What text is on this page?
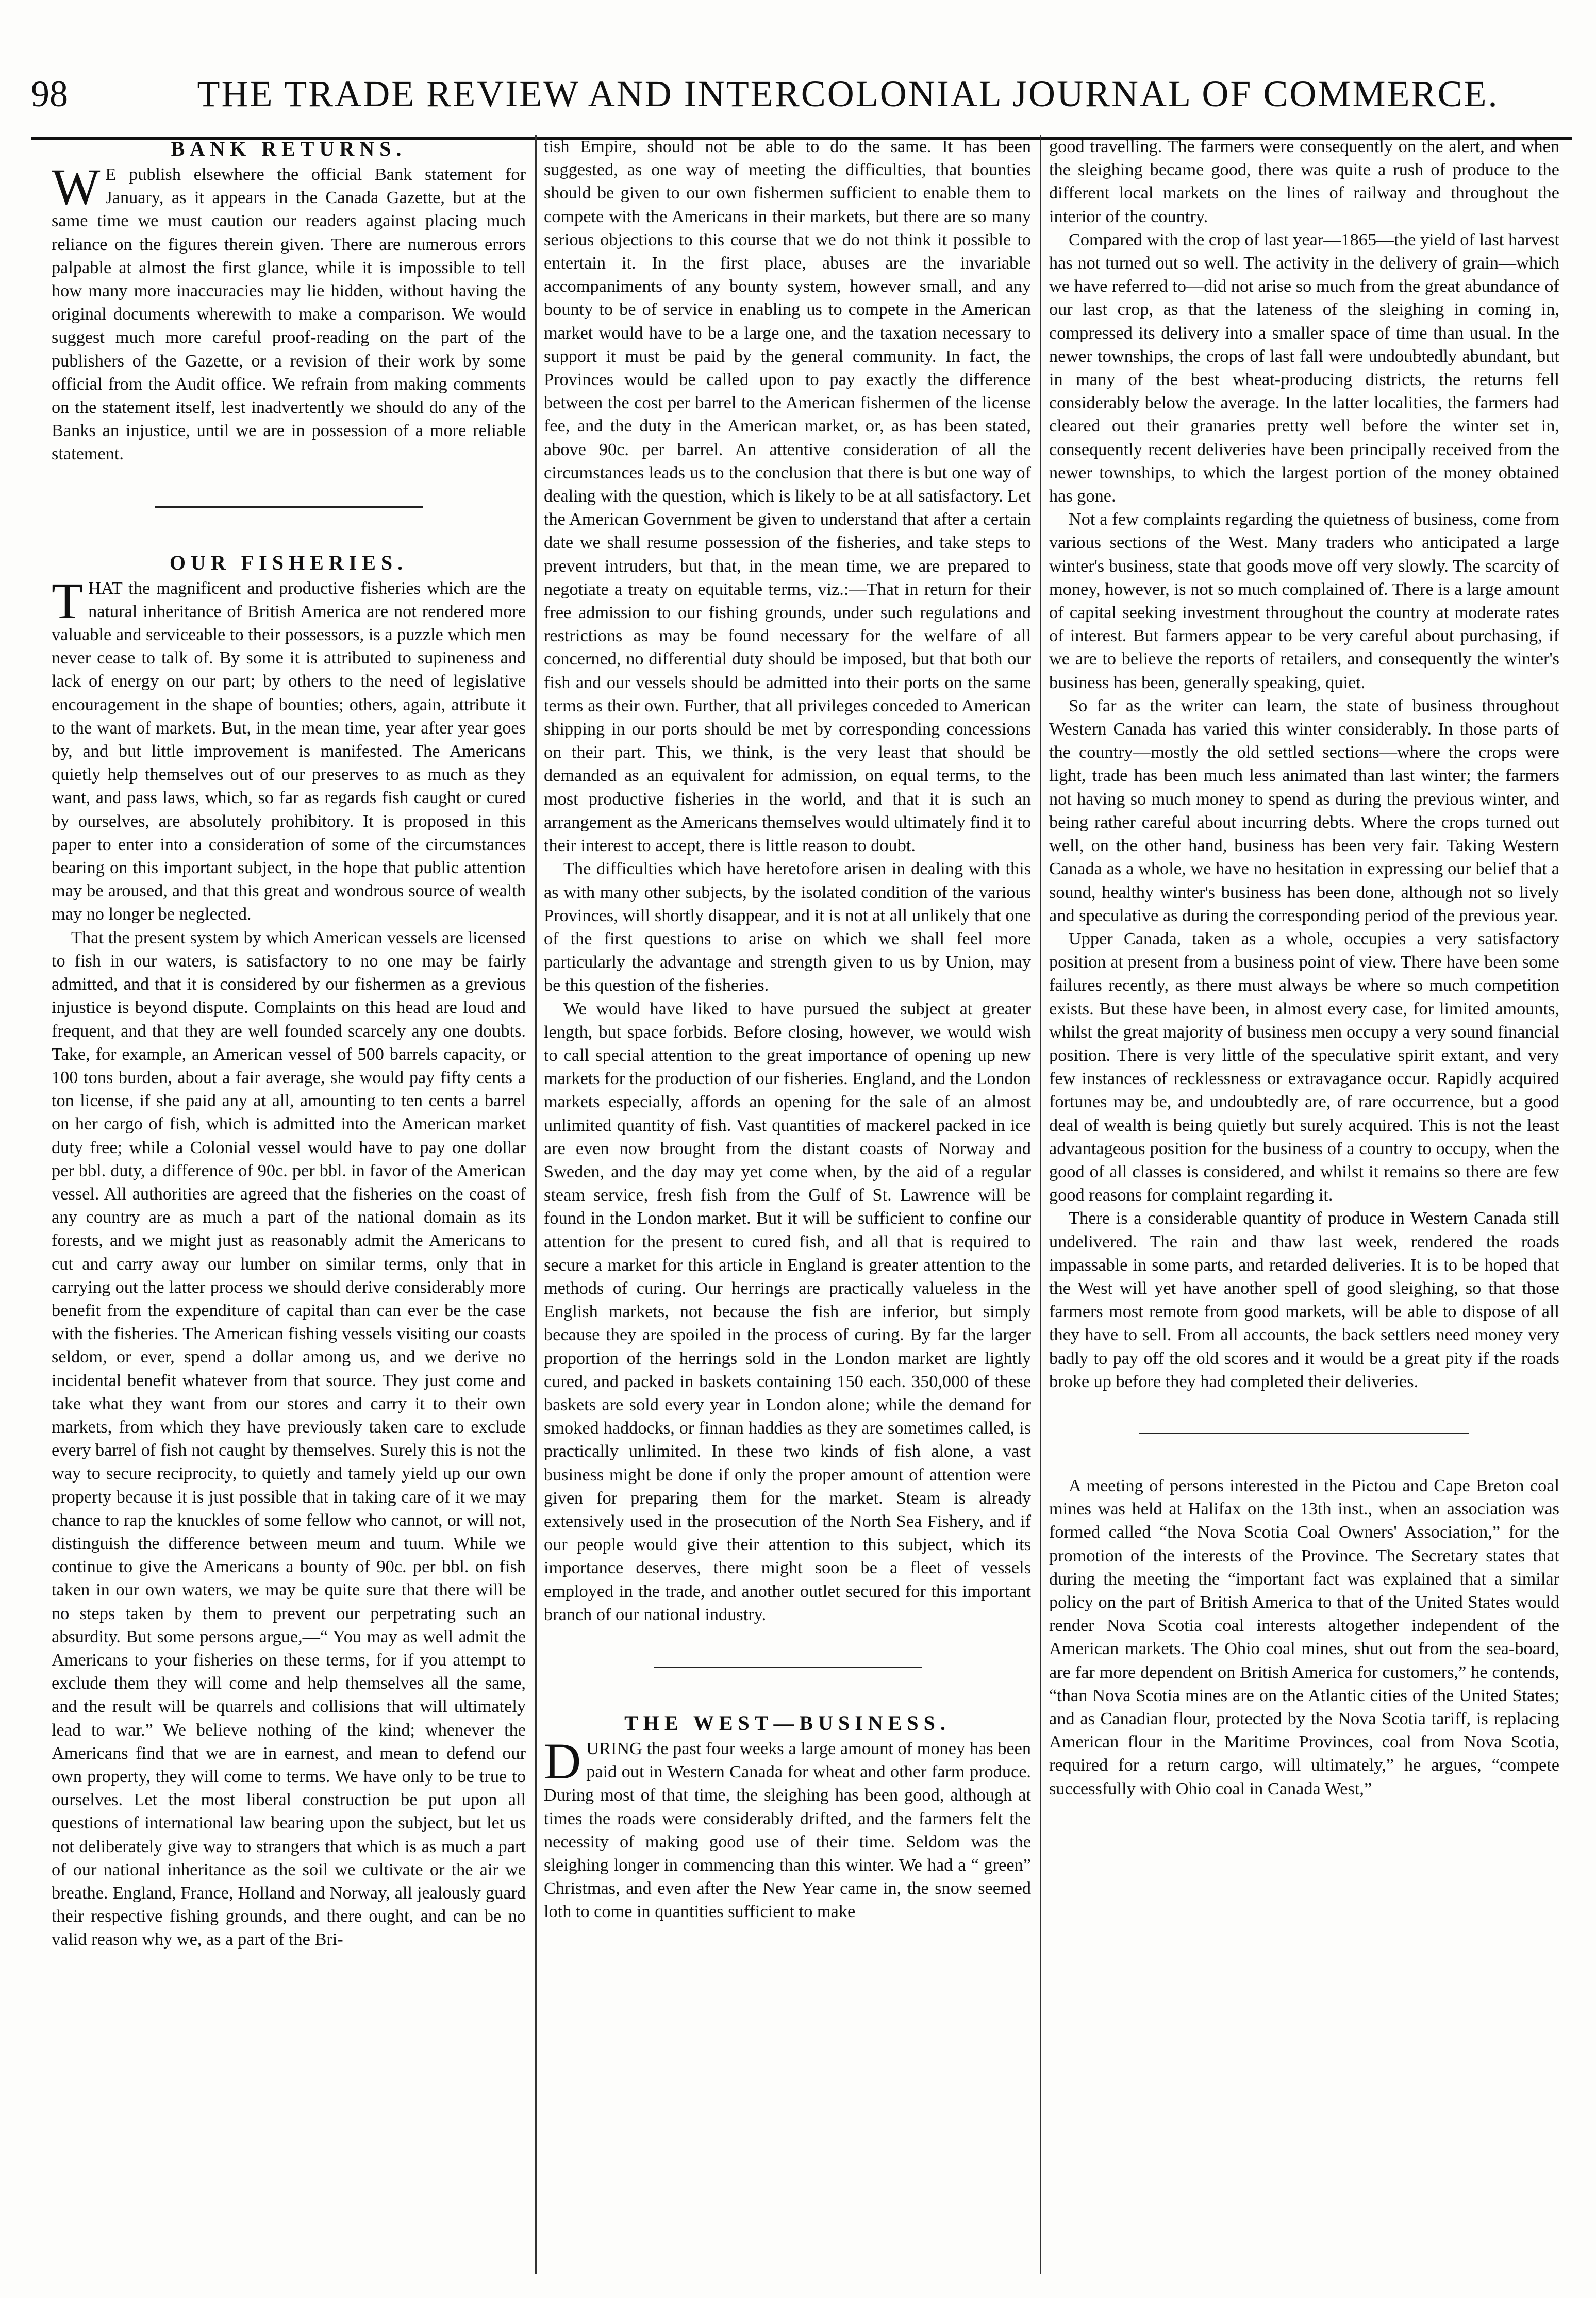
98	THE TRADE REVIEW AND INTERCOLONIAL JOURNAL OF COMMERCE.
BANK RETURNS.

W E publish elsewhere the official Bank statement for January, as it appears in the Canada Gazette, but at the same time we must caution our readers against placing much reliance on the figures therein given. There are numerous errors palpable at almost the first glance, while it is impossible to tell how many more inaccuracies may lie hidden, without having the original documents wherewith to make a comparison. We would suggest much more careful proof-reading on the part of the publishers of the Gazette, or a revision of their work by some official from the Audit office. We refrain from making comments on the statement itself, lest inadvertently we should do any of the Banks an injustice, until we are in possession of a more reliable statement.

OUR FISHERIES.

THAT the magnificent and productive fisheries which are the natural inheritance of British America are not rendered more valuable and serviceable to their possessors, is a puzzle which men never cease to talk of. By some it is attributed to supineness and lack of energy on our part; by others to the need of legislative encouragement in the shape of bounties; others, again, attribute it to the want of markets. But, in the mean time, year after year goes by, and but little improvement is manifested. The Americans quietly help themselves out of our preserves to as much as they want, and pass laws, which, so far as regards fish caught or cured by ourselves, are absolutely prohibitory. It is proposed in this paper to enter into a consideration of some of the circumstances bearing on this important subject, in the hope that public attention may be aroused, and that this great and wondrous source of wealth may no longer be neglected.

That the present system by which American vessels are licensed to fish in our waters, is satisfactory to no one may be fairly admitted, and that it is considered by our fishermen as a grevious injustice is beyond dispute. Complaints on this head are loud and frequent, and that they are well founded scarcely any one doubts. Take, for example, an American vessel of 500 barrels capacity, or 100 tons burden, about a fair average, she would pay fifty cents a ton license, if she paid any at all, amounting to ten cents a barrel on her cargo of fish, which is admitted into the American market duty free; while a Colonial vessel would have to pay one dollar per bbl. duty, a difference of 90c. per bbl. in favor of the American vessel. All authorities are agreed that the fisheries on the coast of any country are as much a part of the national domain as its forests, and we might just as reasonably admit the Americans to cut and carry away our lumber on similar terms, only that in carrying out the latter process we should derive considerably more benefit from the expenditure of capital than can ever be the case with the fisheries. The American fishing vessels visiting our coasts seldom, or ever, spend a dollar among us, and we derive no incidental benefit whatever from that source. They just come and take what they want from our stores and carry it to their own markets, from which they have previously taken care to exclude every barrel of fish not caught by themselves. Surely this is not the way to secure reciprocity, to quietly and tamely yield up our own property because it is just possible that in taking care of it we may chance to rap the knuckles of some fellow who cannot, or will not, distinguish the difference between meum and tuum. While we continue to give the Americans a bounty of 90c. per bbl. on fish taken in our own waters, we may be quite sure that there will be no steps taken by them to prevent our perpetrating such an absurdity. But some persons argue,—“ You may as well admit the Americans to your fisheries on these terms, for if you attempt to exclude them they will come and help themselves all the same, and the result will be quarrels and collisions that will ultimately lead to war.” We believe nothing of the kind; whenever the Americans find that we are in earnest, and mean to defend our own property, they will come to terms. We have only to be true to ourselves. Let the most liberal construction be put upon all questions of international law bearing upon the subject, but let us not deliberately give way to strangers that which is as much a part of our national inheritance as the soil we cultivate or the air we breathe. England, France, Holland and Norway, all jealously guard their respective fishing grounds, and there ought, and can be no valid reason why we, as a part of the Bri-

tish Empire, should not be able to do the same. It has been suggested, as one way of meeting the difficulties, that bounties should be given to our own fishermen sufficient to enable them to compete with the Americans in their markets, but there are so many serious objections to this course that we do not think it possible to entertain it. In the first place, abuses are the invariable accompaniments of any bounty system, however small, and any bounty to be of service in enabling us to compete in the American market would have to be a large one, and the taxation necessary to support it must be paid by the general community. In fact, the Provinces would be called upon to pay exactly the difference between the cost per barrel to the American fishermen of the license fee, and the duty in the American market, or, as has been stated, above 90c. per barrel. An attentive consideration of all the circumstances leads us to the conclusion that there is but one way of dealing with the question, which is likely to be at all satisfactory. Let the American Government be given to understand that after a certain date we shall resume possession of the fisheries, and take steps to prevent intruders, but that, in the mean time, we are prepared to negotiate a treaty on equitable terms, viz.:—That in return for their free admission to our fishing grounds, under such regulations and restrictions as may be found necessary for the welfare of all concerned, no differential duty should be imposed, but that both our fish and our vessels should be admitted into their ports on the same terms as their own. Further, that all privileges conceded to American shipping in our ports should be met by corresponding concessions on their part. This, we think, is the very least that should be demanded as an equivalent for admission, on equal terms, to the most productive fisheries in the world, and that it is such an arrangement as the Americans themselves would ultimately find it to their interest to accept, there is little reason to doubt.

The difficulties which have heretofore arisen in dealing with this as with many other subjects, by the isolated condition of the various Provinces, will shortly disappear, and it is not at all unlikely that one of the first questions to arise on which we shall feel more particularly the advantage and strength given to us by Union, may be this question of the fisheries.

We would have liked to have pursued the subject at greater length, but space forbids. Before closing, however, we would wish to call special attention to the great importance of opening up new markets for the production of our fisheries. England, and the London markets especially, affords an opening for the sale of an almost unlimited quantity of fish. Vast quantities of mackerel packed in ice are even now brought from the distant coasts of Norway and Sweden, and the day may yet come when, by the aid of a regular steam service, fresh fish from the Gulf of St. Lawrence will be found in the London market. But it will be sufficient to confine our attention for the present to cured fish, and all that is required to secure a market for this article in England is greater attention to the methods of curing. Our herrings are practically valueless in the English markets, not because the fish are inferior, but simply because they are spoiled in the process of curing. By far the larger proportion of the herrings sold in the London market are lightly cured, and packed in baskets containing 150 each. 350,000 of these baskets are sold every year in London alone; while the demand for smoked haddocks, or finnan haddies as they are sometimes called, is practically unlimited. In these two kinds of fish alone, a vast business might be done if only the proper amount of attention were given for preparing them for the market. Steam is already extensively used in the prosecution of the North Sea Fishery, and if our people would give their attention to this subject, which its importance deserves, there might soon be a fleet of vessels employed in the trade, and another outlet secured for this important branch of our national industry.

THE WEST—BUSINESS.

DURING the past four weeks a large amount of money has been paid out in Western Canada for wheat and other farm produce. During most of that time, the sleighing has been good, although at times the roads were considerably drifted, and the farmers felt the necessity of making good use of their time. Seldom was the sleighing longer in commencing than this winter. We had a “ green” Christmas, and even after the New Year came in, the snow seemed loth to come in quantities sufficient to make

good travelling. The farmers were consequently on the alert, and when the sleighing became good, there was quite a rush of produce to the different local markets on the lines of railway and throughout the interior of the country.

Compared with the crop of last year—1865—the yield of last harvest has not turned out so well. The activity in the delivery of grain—which we have referred to—did not arise so much from the great abundance of our last crop, as that the lateness of the sleighing in coming in, compressed its delivery into a smaller space of time than usual. In the newer townships, the crops of last fall were undoubtedly abundant, but in many of the best wheat-producing districts, the returns fell considerably below the average. In the latter localities, the farmers had cleared out their granaries pretty well before the winter set in, consequently recent deliveries have been principally received from the newer townships, to which the largest portion of the money obtained has gone.

Not a few complaints regarding the quietness of business, come from various sections of the West. Many traders who anticipated a large winter's business, state that goods move off very slowly. The scarcity of money, however, is not so much complained of. There is a large amount of capital seeking investment throughout the country at moderate rates of interest. But farmers appear to be very careful about purchasing, if we are to believe the reports of retailers, and consequently the winter's business has been, generally speaking, quiet.

So far as the writer can learn, the state of business throughout Western Canada has varied this winter considerably. In those parts of the country—mostly the old settled sections—where the crops were light, trade has been much less animated than last winter; the farmers not having so much money to spend as during the previous winter, and being rather careful about incurring debts. Where the crops turned out well, on the other hand, business has been very fair. Taking Western Canada as a whole, we have no hesitation in expressing our belief that a sound, healthy winter's business has been done, although not so lively and speculative as during the corresponding period of the previous year.

Upper Canada, taken as a whole, occupies a very satisfactory position at present from a business point of view. There have been some failures recently, as there must always be where so much competition exists. But these have been, in almost every case, for limited amounts, whilst the great majority of business men occupy a very sound financial position. There is very little of the speculative spirit extant, and very few instances of recklessness or extravagance occur. Rapidly acquired fortunes may be, and undoubtedly are, of rare occurrence, but a good deal of wealth is being quietly but surely acquired. This is not the least advantageous position for the business of a country to occupy, when the good of all classes is considered, and whilst it remains so there are few good reasons for complaint regarding it.

There is a considerable quantity of produce in Western Canada still undelivered. The rain and thaw last week, rendered the roads impassable in some parts, and retarded deliveries. It is to be hoped that the West will yet have another spell of good sleighing, so that those farmers most remote from good markets, will be able to dispose of all they have to sell. From all accounts, the back settlers need money very badly to pay off the old scores and it would be a great pity if the roads broke up before they had completed their deliveries.

A meeting of persons interested in the Pictou and Cape Breton coal mines was held at Halifax on the 13th inst., when an association was formed called “the Nova Scotia Coal Owners' Association,” for the promotion of the interests of the Province. The Secretary states that during the meeting the “important fact was explained that a similar policy on the part of British America to that of the United States would render Nova Scotia coal interests altogether independent of the American markets. The Ohio coal mines, shut out from the sea-board, are far more dependent on British America for customers,” he contends, “than Nova Scotia mines are on the Atlantic cities of the United States; and as Canadian flour, protected by the Nova Scotia tariff, is replacing American flour in the Maritime Provinces, coal from Nova Scotia, required for a return cargo, will ultimately,” he argues, “compete successfully with Ohio coal in Canada West,”
